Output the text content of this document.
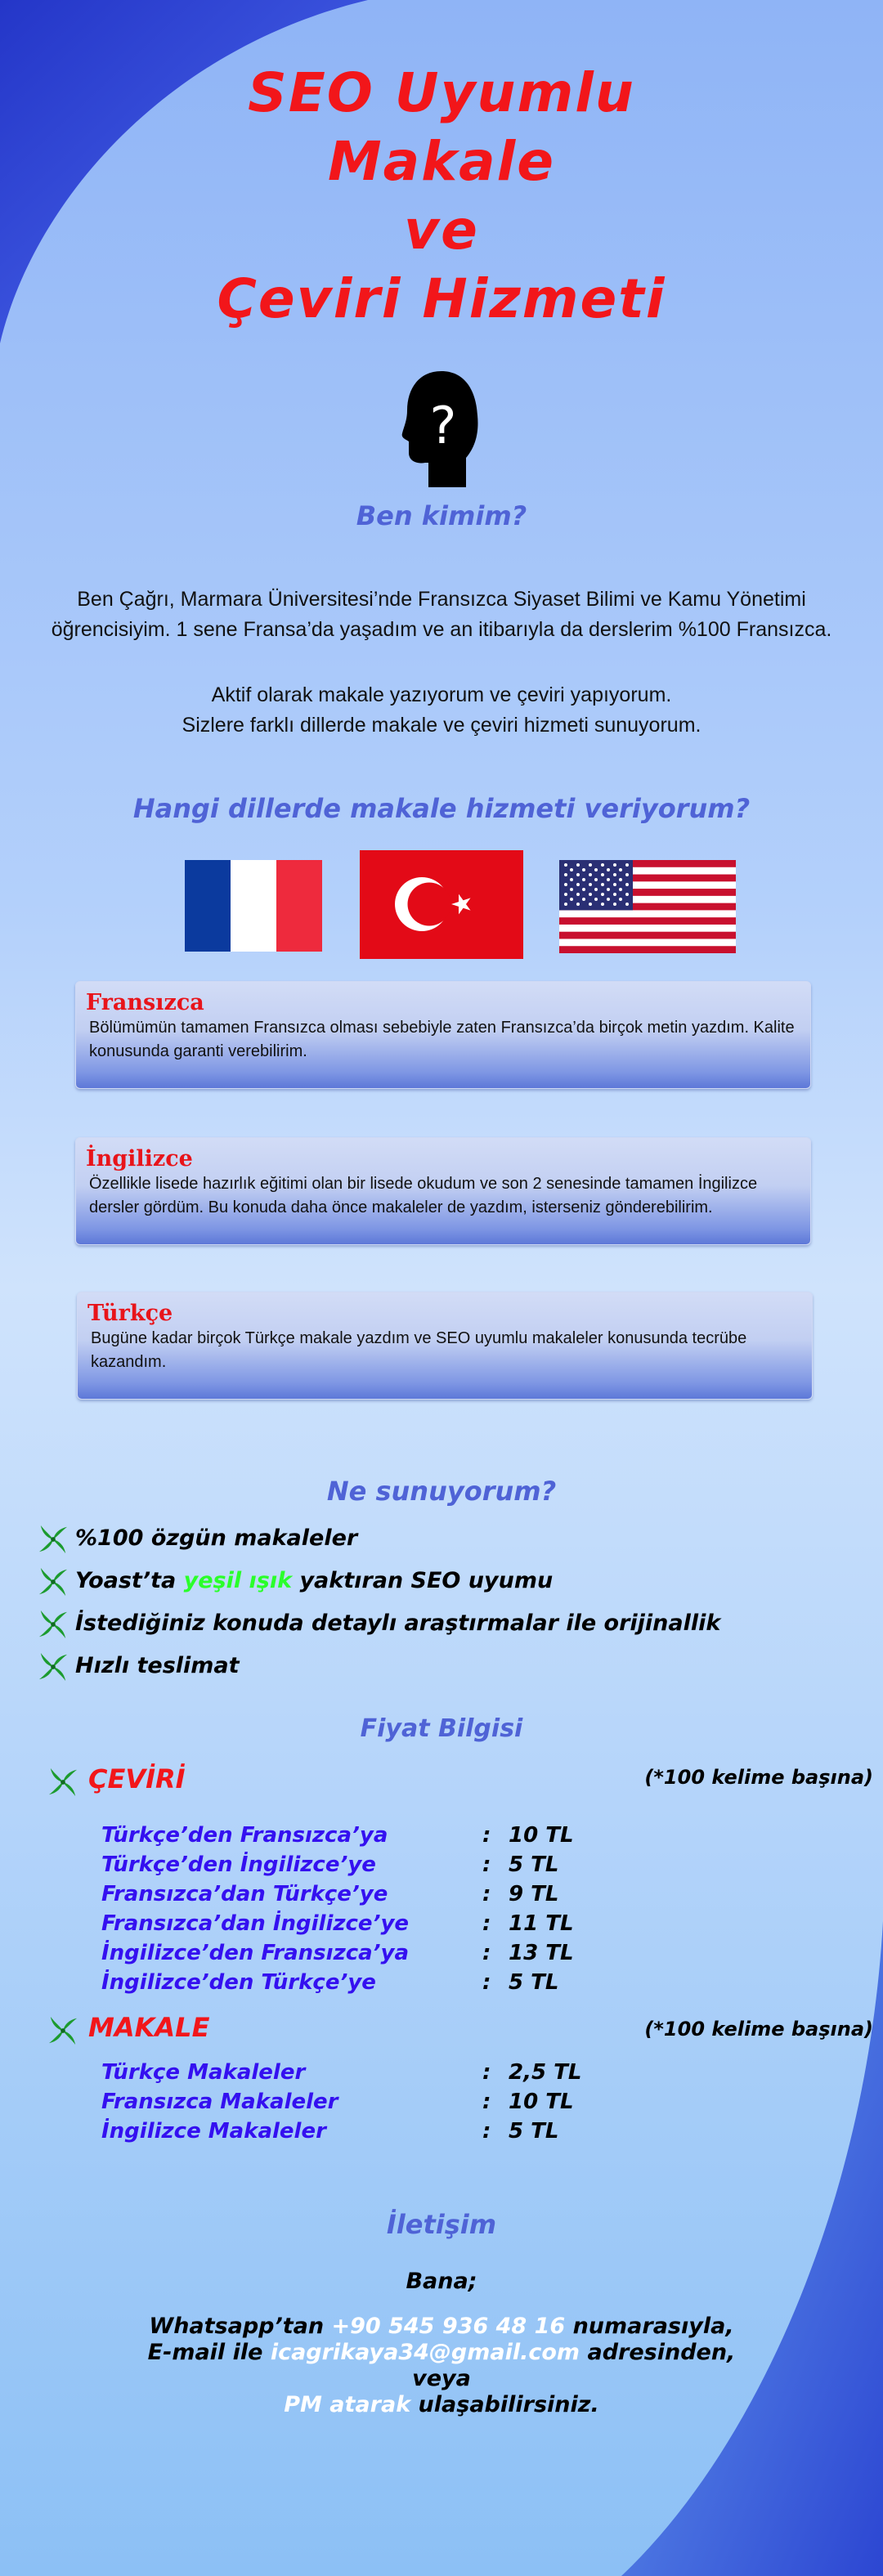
SEO Uyumlu
Makale
ve
Çeviri Hizmeti
?
Ben kimim?
Ben Çağrı, Marmara Üniversitesi’nde Fransızca Siyaset Bilimi ve Kamu Yönetimi
öğrencisiyim. 1 sene Fransa’da yaşadım ve an itibarıyla da derslerim %100 Fransızca.
Aktif olarak makale yazıyorum ve çeviri yapıyorum.
Sizlere farklı dillerde makale ve çeviri hizmeti sunuyorum.
Hangi dillerde makale hizmeti veriyorum?
Fransızca
Bölümümün tamamen Fransızca olması sebebiyle zaten Fransızca’da birçok metin yazdım. Kalite konusunda garanti verebilirim.
İngilizce
Özellikle lisede hazırlık eğitimi olan bir lisede okudum ve son 2 senesinde tamamen İngilizce dersler gördüm. Bu konuda daha önce makaleler de yazdım, isterseniz gönderebilirim.
Türkçe
Bugüne kadar birçok Türkçe makale yazdım ve SEO uyumlu makaleler konusunda tecrübe kazandım.
Ne sunuyorum?
%100 özgün makaleler
Yoast’ta yeşil ışık yaktıran SEO uyumu
İstediğiniz konuda detaylı araştırmalar ile orijinallik
Hızlı teslimat
Fiyat Bilgisi
ÇEVİRİ	(*100 kelime başına)
Türkçe’den Fransızca’ya	: 10 TL
Türkçe’den İngilizce’ye	: 5 TL
Fransızca’dan Türkçe’ye	: 9 TL
Fransızca’dan İngilizce’ye	: 11 TL
İngilizce’den Fransızca’ya	: 13 TL
İngilizce’den Türkçe’ye	: 5 TL
MAKALE	(*100 kelime başına)
Türkçe Makaleler	: 2,5 TL
Fransızca Makaleler	: 10 TL
İngilizce Makaleler	: 5 TL
İletişim
Bana;
Whatsapp’tan +90 545 936 48 16 numarasıyla,
E-mail ile icagrikaya34@gmail.com adresinden,
veya
PM atarak ulaşabilirsiniz.
